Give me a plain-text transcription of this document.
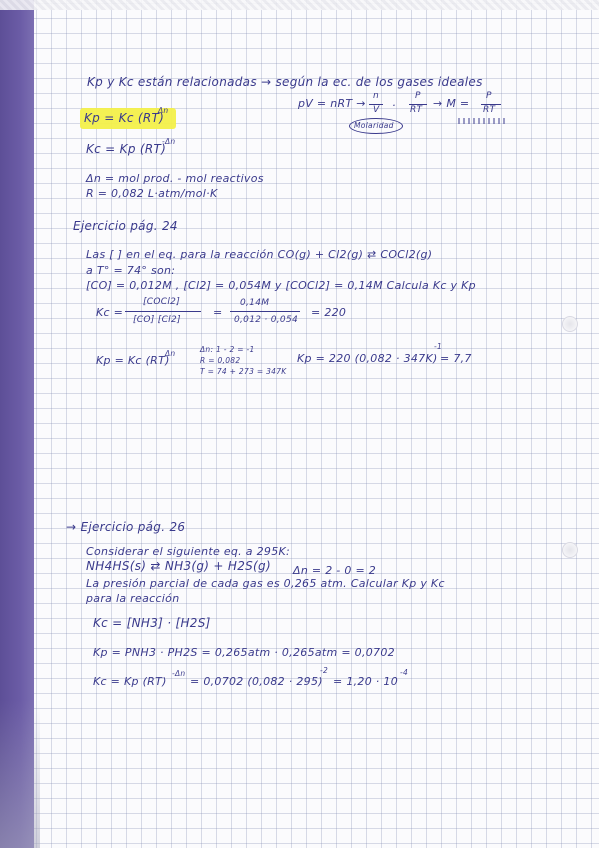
Kp y Kc están relacionadas → según la ec. de los gases ideales
pV = nRT →
n
V ·
P
RT → M =
P
RT
Molaridad
Kp = Kc (RT)
Δn
Kc = Kp (RT)
-Δn
Δn = mol prod. - mol reactivos
R = 0,082 L·atm/mol·K
Ejercicio pág. 24
Las [ ] en el eq. para la reacción CO(g) + Cl2(g) ⇄ COCl2(g)
a T° = 74° son:
[CO] = 0,012M , [Cl2] = 0,054M y [COCl2] = 0,14M Calcula Kc y Kp
Kc =
[COCl2]
[CO] [Cl2]
=
0,14M
0,012 · 0,054
= 220
Kp = Kc (RT)
Δn	Δn: 1 - 2 = -1
R = 0,082
T = 74 + 273 = 347K
Kp = 220 (0,082 · 347K)
-1
= 7,7
→ Ejercicio pág. 26
Considerar el siguiente eq. a 295K:
NH4HS(s) ⇄ NH3(g) + H2S(g) Δn = 2 - 0 = 2
La presión parcial de cada gas es 0,265 atm. Calcular Kp y Kc
para la reacción
Kc = [NH3] · [H2S]
Kp = PNH3 · PH2S = 0,265atm · 0,265atm = 0,0702
Kc = Kp (RT)
-Δn
= 0,0702 (0,082 · 295)
-2
= 1,20 · 10
-4
